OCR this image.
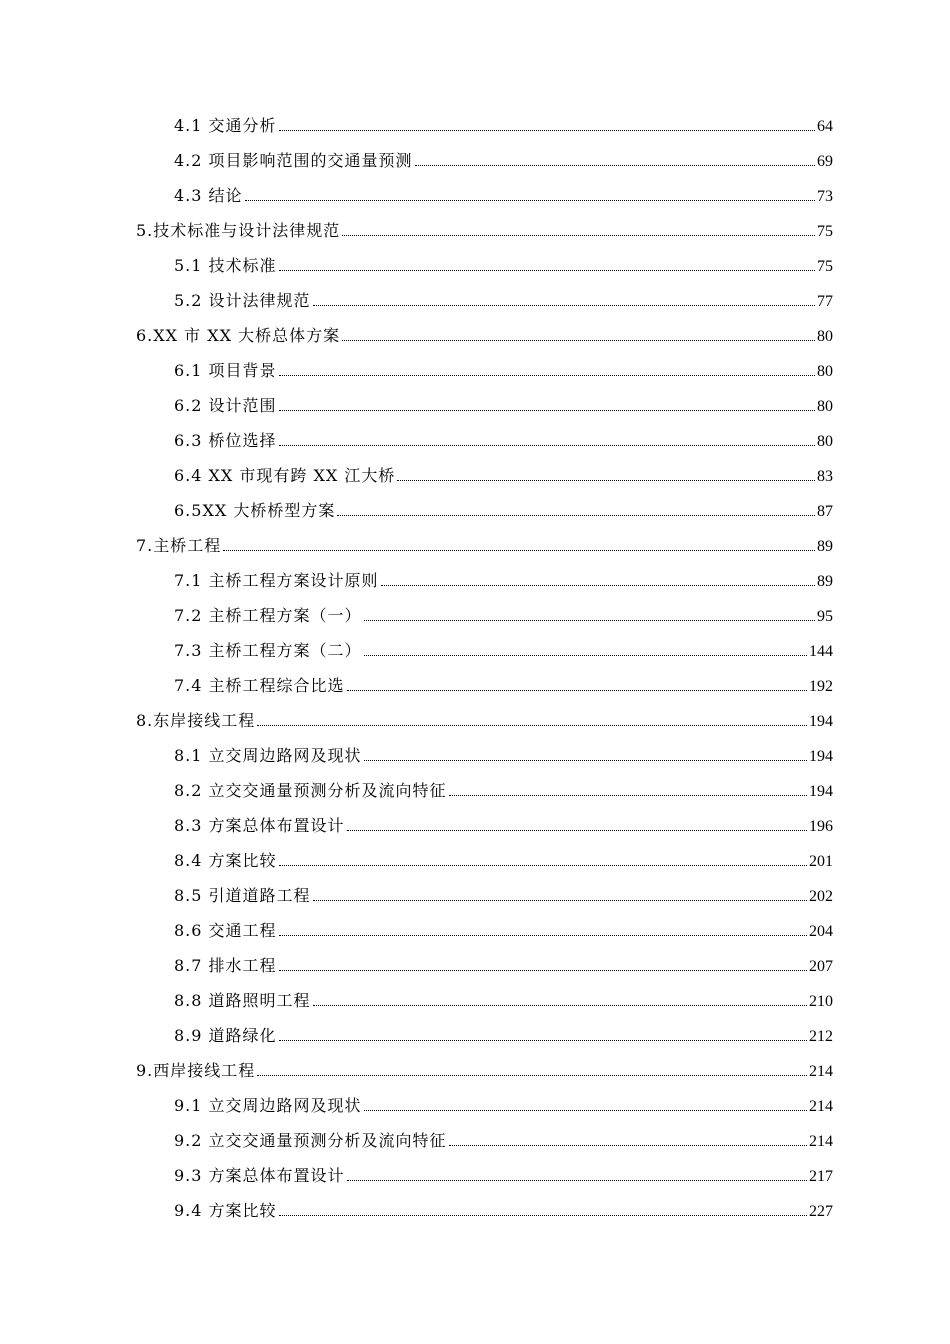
4.1 交通分析	64
4.2 项目影响范围的交通量预测	69
4.3 结论	73
5.技术标准与设计法律规范	75
5.1 技术标准	75
5.2 设计法律规范	77
6.XX 市 XX 大桥总体方案	80
6.1 项目背景	80
6.2 设计范围	80
6.3 桥位选择	80
6.4 XX 市现有跨 XX 江大桥	83
6.5XX 大桥桥型方案	87
7.主桥工程	89
7.1 主桥工程方案设计原则	89
7.2 主桥工程方案（一）	95
7.3 主桥工程方案（二）	144
7.4 主桥工程综合比选	192
8.东岸接线工程	194
8.1 立交周边路网及现状	194
8.2 立交交通量预测分析及流向特征	194
8.3 方案总体布置设计	196
8.4 方案比较	201
8.5 引道道路工程	202
8.6 交通工程	204
8.7 排水工程	207
8.8 道路照明工程	210
8.9 道路绿化	212
9.西岸接线工程	214
9.1 立交周边路网及现状	214
9.2 立交交通量预测分析及流向特征	214
9.3 方案总体布置设计	217
9.4 方案比较	227
